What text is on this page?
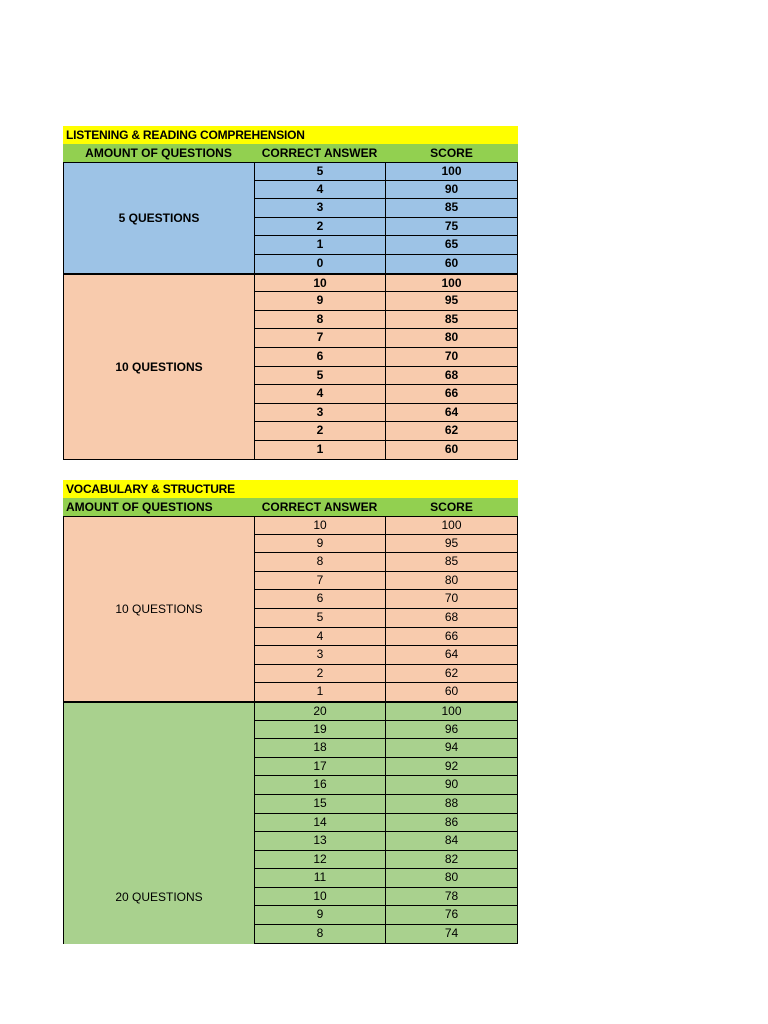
LISTENING & READING COMPREHENSION
AMOUNT OF QUESTIONS	CORRECT ANSWER	SCORE
5 QUESTIONS
5	100
4	90
3	85
2	75
1	65
0	60
10 QUESTIONS
10	100
9	95
8	85
7	80
6	70
5	68
4	66
3	64
2	62
1	60
VOCABULARY & STRUCTURE
AMOUNT OF QUESTIONS	CORRECT ANSWER	SCORE
10 QUESTIONS
10	100
9	95
8	85
7	80
6	70
5	68
4	66
3	64
2	62
1	60
20 QUESTIONS
20	100
19	96
18	94
17	92
16	90
15	88
14	86
13	84
12	82
11	80
10	78
9	76
8	74
